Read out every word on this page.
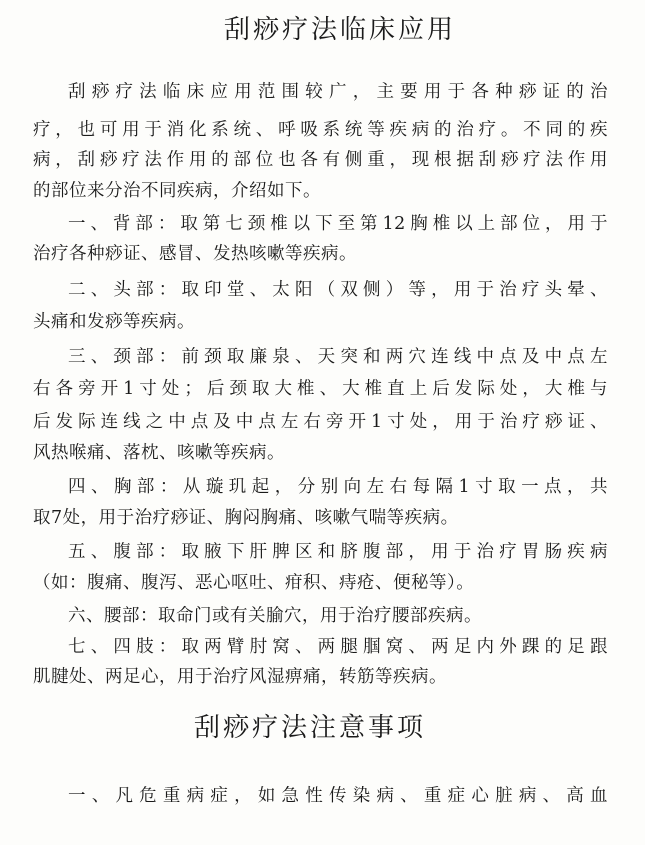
刮痧疗法临床应用
刮痧疗法临床应用范围较广，主要用于各种痧证的治
疗，也可用于消化系统、呼吸系统等疾病的治疗。不同的疾
病，刮痧疗法作用的部位也各有侧重，现根据刮痧疗法作用
的部位来分治不同疾病，介绍如下。
一、背部：取第七颈椎以下至第12胸椎以上部位，用于
治疗各种痧证、感冒、发热咳嗽等疾病。
二、头部：取印堂、太阳（双侧）等，用于治疗头晕、
头痛和发痧等疾病。
三、颈部：前颈取廉泉、天突和两穴连线中点及中点左
右各旁开1寸处；后颈取大椎、大椎直上后发际处，大椎与
后发际连线之中点及中点左右旁开1寸处，用于治疗痧证、
风热喉痛、落枕、咳嗽等疾病。
四、胸部：从璇玑起，分别向左右每隔1寸取一点，共
取7处，用于治疗痧证、胸闷胸痛、咳嗽气喘等疾病。
五、腹部：取腋下肝脾区和脐腹部，用于治疗胃肠疾病
（如：腹痛、腹泻、恶心呕吐、疳积、痔疮、便秘等）。
六、腰部：取命门或有关腧穴，用于治疗腰部疾病。
七、四肢：取两臂肘窝、两腿腘窝、两足内外踝的足跟
肌腱处、两足心，用于治疗风湿痹痛，转筋等疾病。
刮痧疗法注意事项
一、凡危重病症，如急性传染病、重症心脏病、高血
